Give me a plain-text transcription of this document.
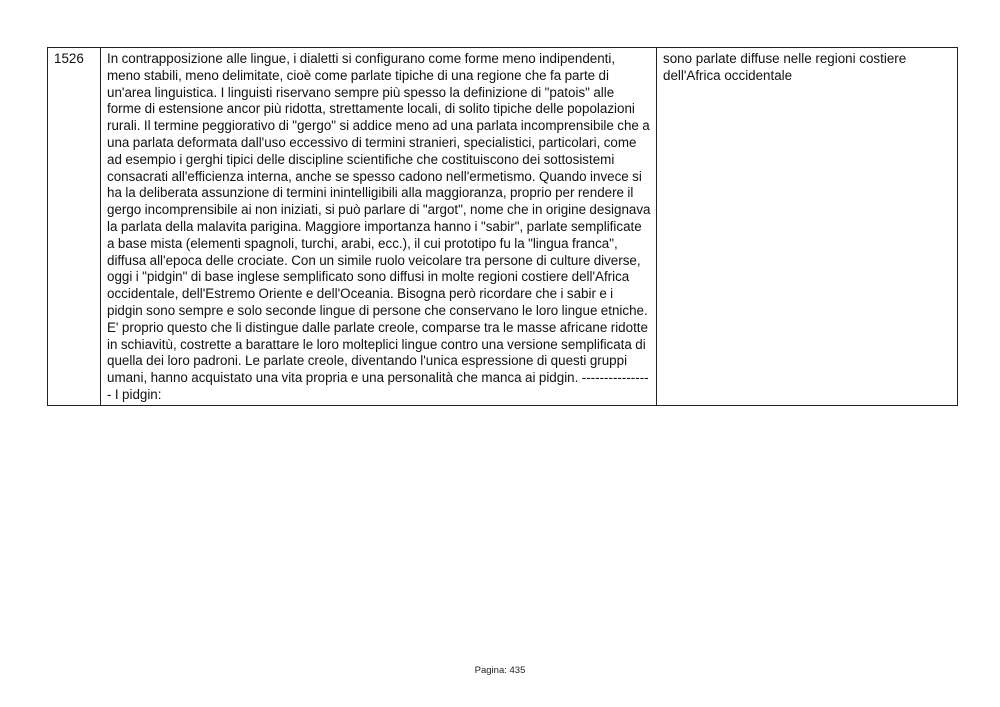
1526	In contrapposizione alle lingue, i dialetti si configurano come forme meno indipendenti, meno stabili, meno delimitate, cioè come parlate tipiche di una regione che fa parte di un'area linguistica. I linguisti riservano sempre più spesso la definizione di "patois" alle forme di estensione ancor più ridotta, strettamente locali, di solito tipiche delle popolazioni rurali. Il termine peggiorativo di "gergo" si addice meno ad una parlata incomprensibile che a una parlata deformata dall'uso eccessivo di termini stranieri, specialistici, particolari, come ad esempio i gerghi tipici delle discipline scientifiche che costituiscono dei sottosistemi consacrati all'efficienza interna, anche se spesso cadono nell'ermetismo. Quando invece si ha la deliberata assunzione di termini inintelligibili alla maggioranza, proprio per rendere il gergo incomprensibile ai non iniziati, si può parlare di "argot", nome che in origine designava la parlata della malavita parigina. Maggiore importanza hanno i "sabir", parlate semplificate a base mista (elementi spagnoli, turchi, arabi, ecc.), il cui prototipo fu la "lingua franca", diffusa all'epoca delle crociate. Con un simile ruolo veicolare tra persone di culture diverse, oggi i "pidgin" di base inglese semplificato sono diffusi in molte regioni costiere dell'Africa occidentale, dell'Estremo Oriente e dell'Oceania. Bisogna però ricordare che i sabir e i pidgin sono sempre e solo seconde lingue di persone che conservano le loro lingue etniche. E' proprio questo che li distingue dalle parlate creole, comparse tra le masse africane ridotte in schiavitù, costrette a barattare le loro molteplici lingue contro una versione semplificata di quella dei loro padroni. Le parlate creole, diventando l'unica espressione di questi gruppi umani, hanno acquistato una vita propria e una personalità che manca ai pidgin. ---------------- I pidgin:	sono parlate diffuse nelle regioni costiere dell'Africa occidentale
Pagina: 435
